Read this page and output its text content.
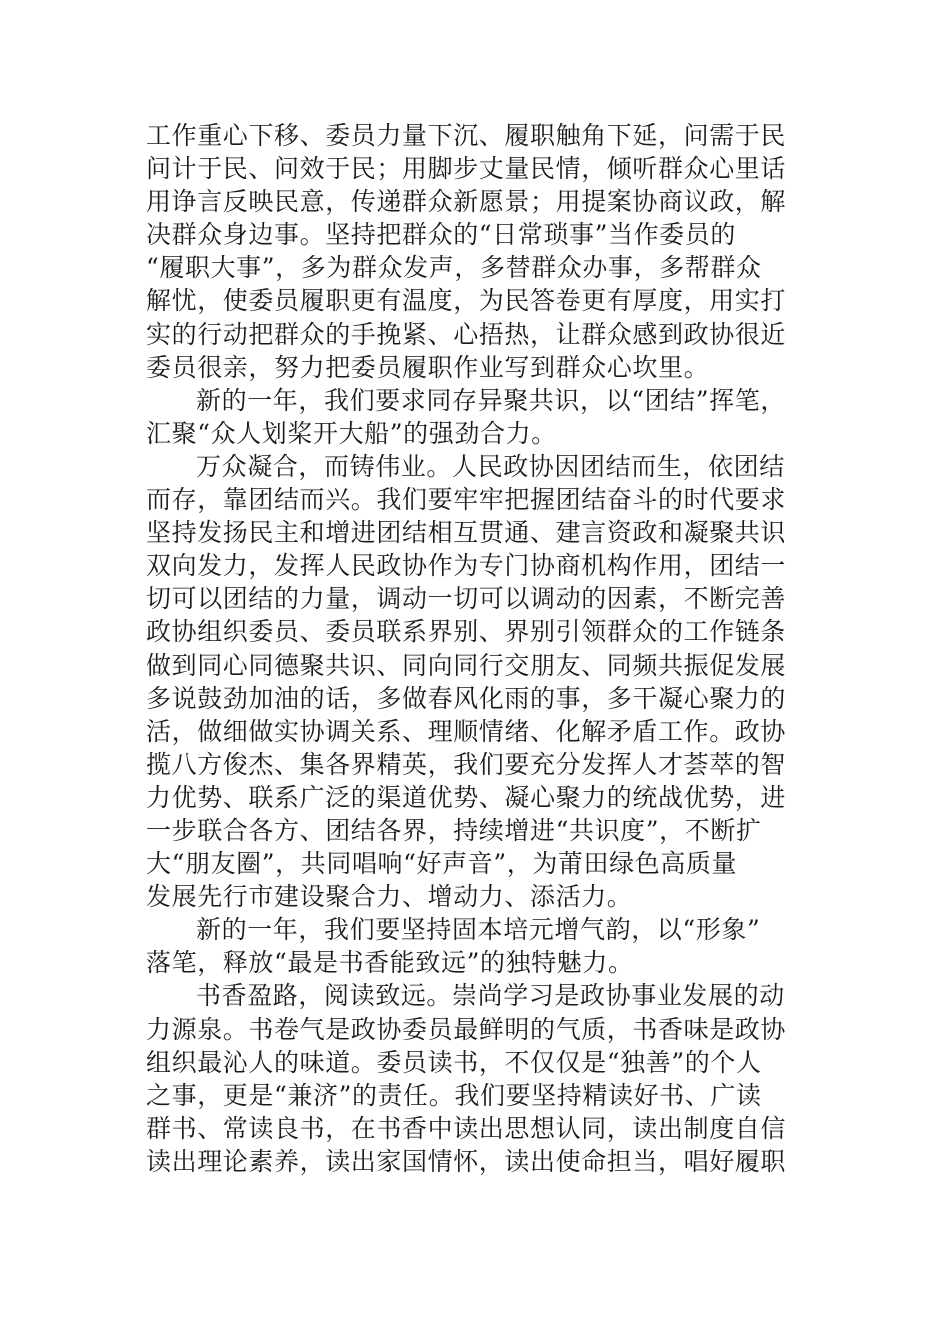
工作重心下移、委员力量下沉、履职触角下延，问需于民
问计于民、问效于民；用脚步丈量民情，倾听群众心里话
用诤言反映民意，传递群众新愿景；用提案协商议政，解
决群众身边事。坚持把群众的“日常琐事”当作委员的
“履职大事”，多为群众发声，多替群众办事，多帮群众
解忧，使委员履职更有温度，为民答卷更有厚度，用实打
实的行动把群众的手挽紧、心捂热，让群众感到政协很近
委员很亲，努力把委员履职作业写到群众心坎里。
新的一年，我们要求同存异聚共识，以“团结”挥笔，
汇聚“众人划桨开大船”的强劲合力。
万众凝合，而铸伟业。人民政协因团结而生，依团结
而存，靠团结而兴。我们要牢牢把握团结奋斗的时代要求
坚持发扬民主和增进团结相互贯通、建言资政和凝聚共识
双向发力，发挥人民政协作为专门协商机构作用，团结一
切可以团结的力量，调动一切可以调动的因素，不断完善
政协组织委员、委员联系界别、界别引领群众的工作链条
做到同心同德聚共识、同向同行交朋友、同频共振促发展
多说鼓劲加油的话，多做春风化雨的事，多干凝心聚力的
活，做细做实协调关系、理顺情绪、化解矛盾工作。政协
揽八方俊杰、集各界精英，我们要充分发挥人才荟萃的智
力优势、联系广泛的渠道优势、凝心聚力的统战优势，进
一步联合各方、团结各界，持续增进“共识度”，不断扩
大“朋友圈”，共同唱响“好声音”，为莆田绿色高质量
发展先行市建设聚合力、增动力、添活力。
新的一年，我们要坚持固本培元增气韵，以“形象”
落笔，释放“最是书香能致远”的独特魅力。
书香盈路，阅读致远。崇尚学习是政协事业发展的动
力源泉。书卷气是政协委员最鲜明的气质，书香味是政协
组织最沁人的味道。委员读书，不仅仅是“独善”的个人
之事，更是“兼济”的责任。我们要坚持精读好书、广读
群书、常读良书，在书香中读出思想认同，读出制度自信
读出理论素养，读出家国情怀，读出使命担当，唱好履职
